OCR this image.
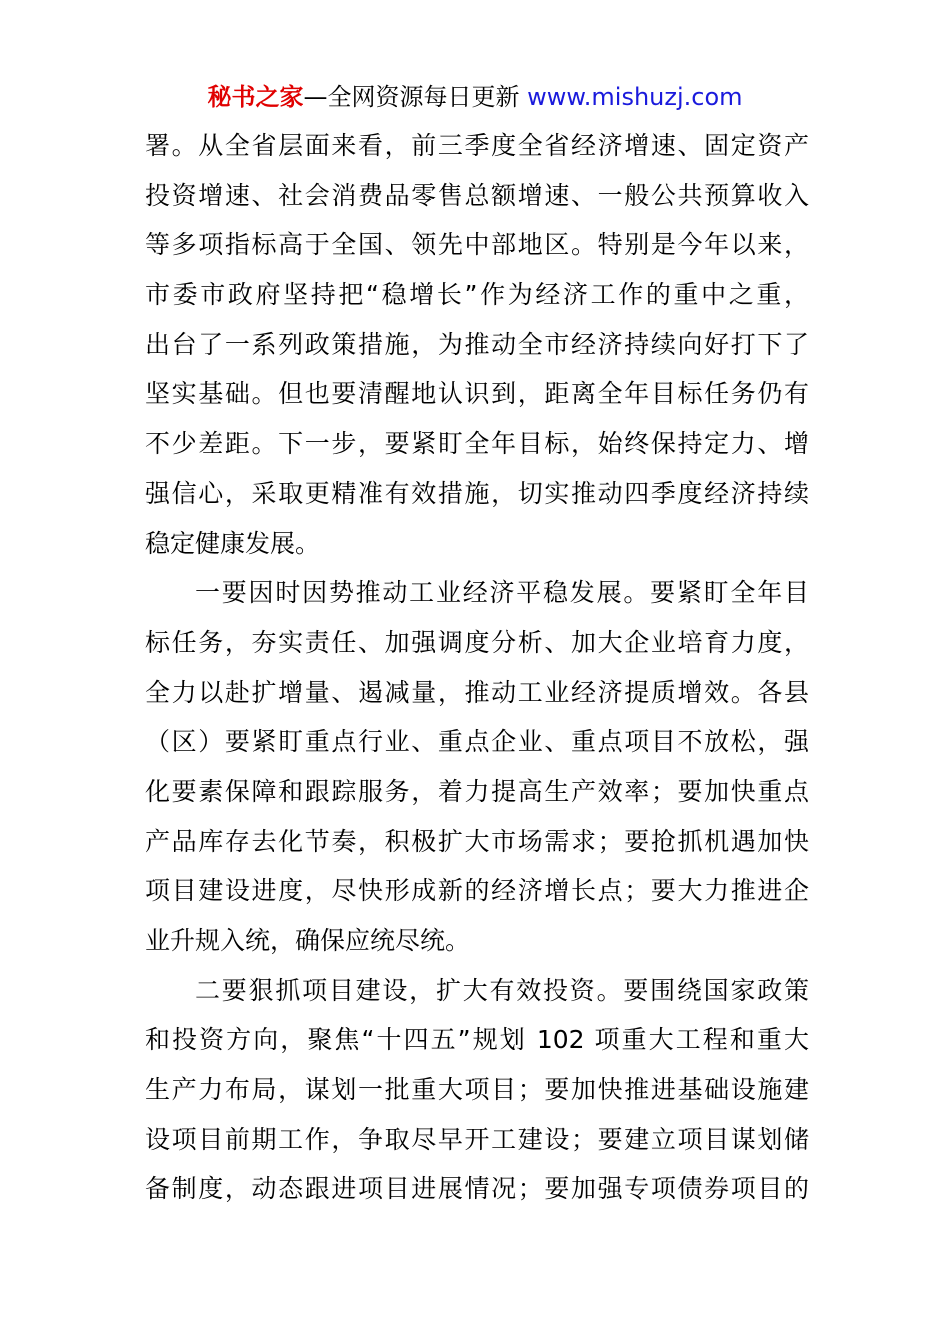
秘书之家—全网资源每日更新 www.mishuzj.com
署。从全省层面来看，前三季度全省经济增速、固定资产
投资增速、社会消费品零售总额增速、一般公共预算收入
等多项指标高于全国、领先中部地区。特别是今年以来，
市委市政府坚持把“稳增长”作为经济工作的重中之重，
出台了一系列政策措施，为推动全市经济持续向好打下了
坚实基础。但也要清醒地认识到，距离全年目标任务仍有
不少差距。下一步，要紧盯全年目标，始终保持定力、增
强信心，采取更精准有效措施，切实推动四季度经济持续
稳定健康发展。
一要因时因势推动工业经济平稳发展。要紧盯全年目
标任务，夯实责任、加强调度分析、加大企业培育力度，
全力以赴扩增量、遏减量，推动工业经济提质增效。各县
（区）要紧盯重点行业、重点企业、重点项目不放松，强
化要素保障和跟踪服务，着力提高生产效率；要加快重点
产品库存去化节奏，积极扩大市场需求；要抢抓机遇加快
项目建设进度，尽快形成新的经济增长点；要大力推进企
业升规入统，确保应统尽统。
二要狠抓项目建设，扩大有效投资。要围绕国家政策
和投资方向，聚焦“十四五”规划 102 项重大工程和重大
生产力布局，谋划一批重大项目；要加快推进基础设施建
设项目前期工作，争取尽早开工建设；要建立项目谋划储
备制度，动态跟进项目进展情况；要加强专项债券项目的
